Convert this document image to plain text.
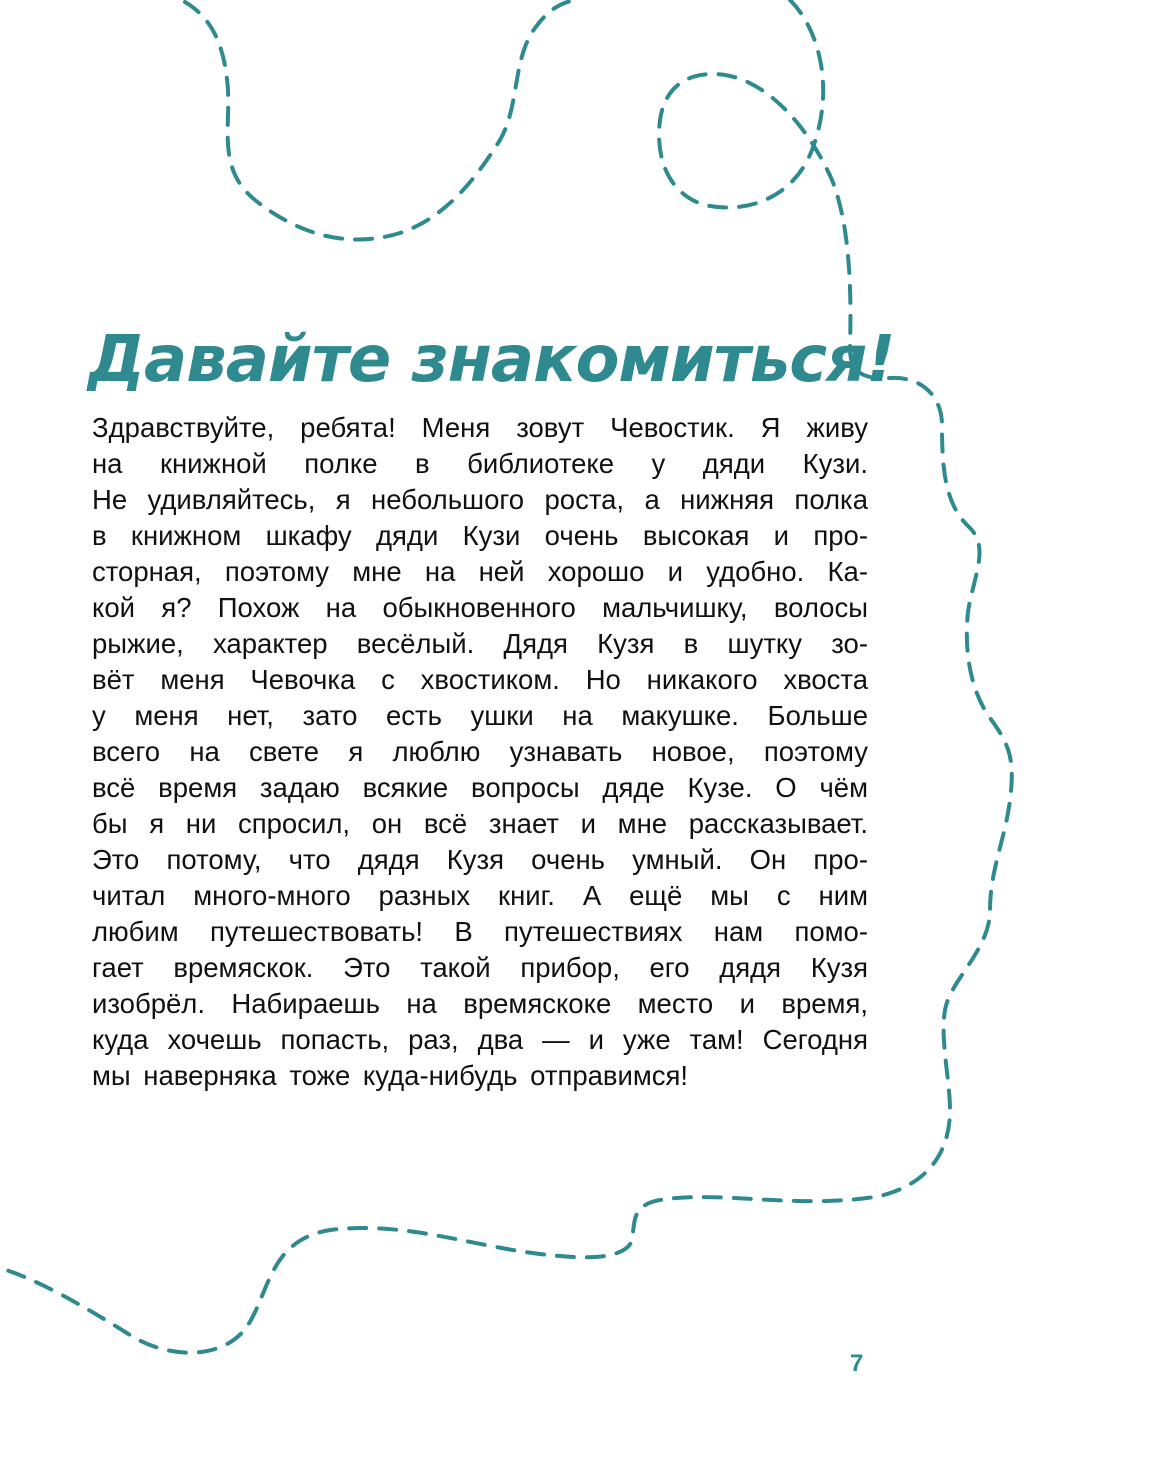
Давайте знакомиться!
Здравствуйте, ребята! Меня зовут Чевостик. Я живу
на книжной полке в библиотеке у дяди Кузи.
Не удивляйтесь, я небольшого роста, а нижняя полка
в книжном шкафу дяди Кузи очень высокая и про-
сторная, поэтому мне на ней хорошо и удобно. Ка-
кой я? Похож на обыкновенного мальчишку, волосы
рыжие, характер весёлый. Дядя Кузя в шутку зо-
вёт меня Чевочка с хвостиком. Но никакого хвоста
у меня нет, зато есть ушки на макушке. Больше
всего на свете я люблю узнавать новое, поэтому
всё время задаю всякие вопросы дяде Кузе. О чём
бы я ни спросил, он всё знает и мне рассказывает.
Это потому, что дядя Кузя очень умный. Он про-
читал много-много разных книг. А ещё мы с ним
любим путешествовать! В путешествиях нам помо-
гает времяскок. Это такой прибор, его дядя Кузя
изобрёл. Набираешь на времяскоке место и время,
куда хочешь попасть, раз, два — и уже там! Сегодня
мы наверняка тоже куда-нибудь отправимся!
7
